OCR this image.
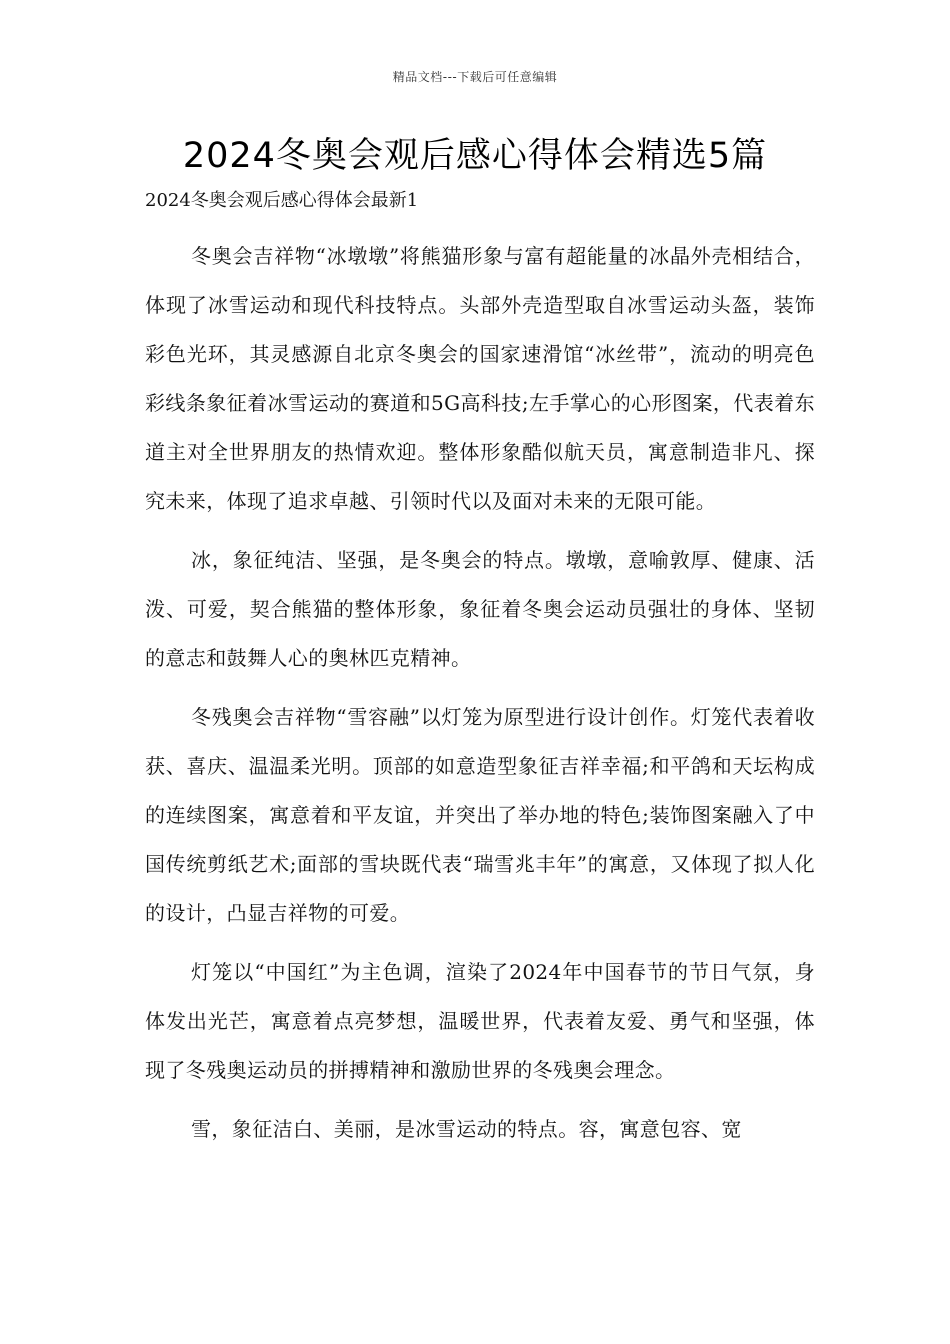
精品文档---下载后可任意编辑
2024冬奥会观后感心得体会精选5篇
2024冬奥会观后感心得体会最新1

冬奥会吉祥物“冰墩墩”将熊猫形象与富有超能量的冰晶外壳相结合，体现了冰雪运动和现代科技特点。头部外壳造型取自冰雪运动头盔，装饰彩色光环，其灵感源自北京冬奥会的国家速滑馆“冰丝带”，流动的明亮色彩线条象征着冰雪运动的赛道和5G高科技;左手掌心的心形图案，代表着东道主对全世界朋友的热情欢迎。整体形象酷似航天员，寓意制造非凡、探究未来，体现了追求卓越、引领时代以及面对未来的无限可能。

冰，象征纯洁、坚强，是冬奥会的特点。墩墩，意喻敦厚、健康、活泼、可爱，契合熊猫的整体形象，象征着冬奥会运动员强壮的身体、坚韧的意志和鼓舞人心的奥林匹克精神。

冬残奥会吉祥物“雪容融”以灯笼为原型进行设计创作。灯笼代表着收获、喜庆、温温柔光明。顶部的如意造型象征吉祥幸福;和平鸽和天坛构成的连续图案，寓意着和平友谊，并突出了举办地的特色;装饰图案融入了中国传统剪纸艺术;面部的雪块既代表“瑞雪兆丰年”的寓意，又体现了拟人化的设计，凸显吉祥物的可爱。

灯笼以“中国红”为主色调，渲染了2024年中国春节的节日气氛，身体发出光芒，寓意着点亮梦想，温暖世界，代表着友爱、勇气和坚强，体现了冬残奥运动员的拼搏精神和激励世界的冬残奥会理念。

雪，象征洁白、美丽，是冰雪运动的特点。容，寓意包容、宽
